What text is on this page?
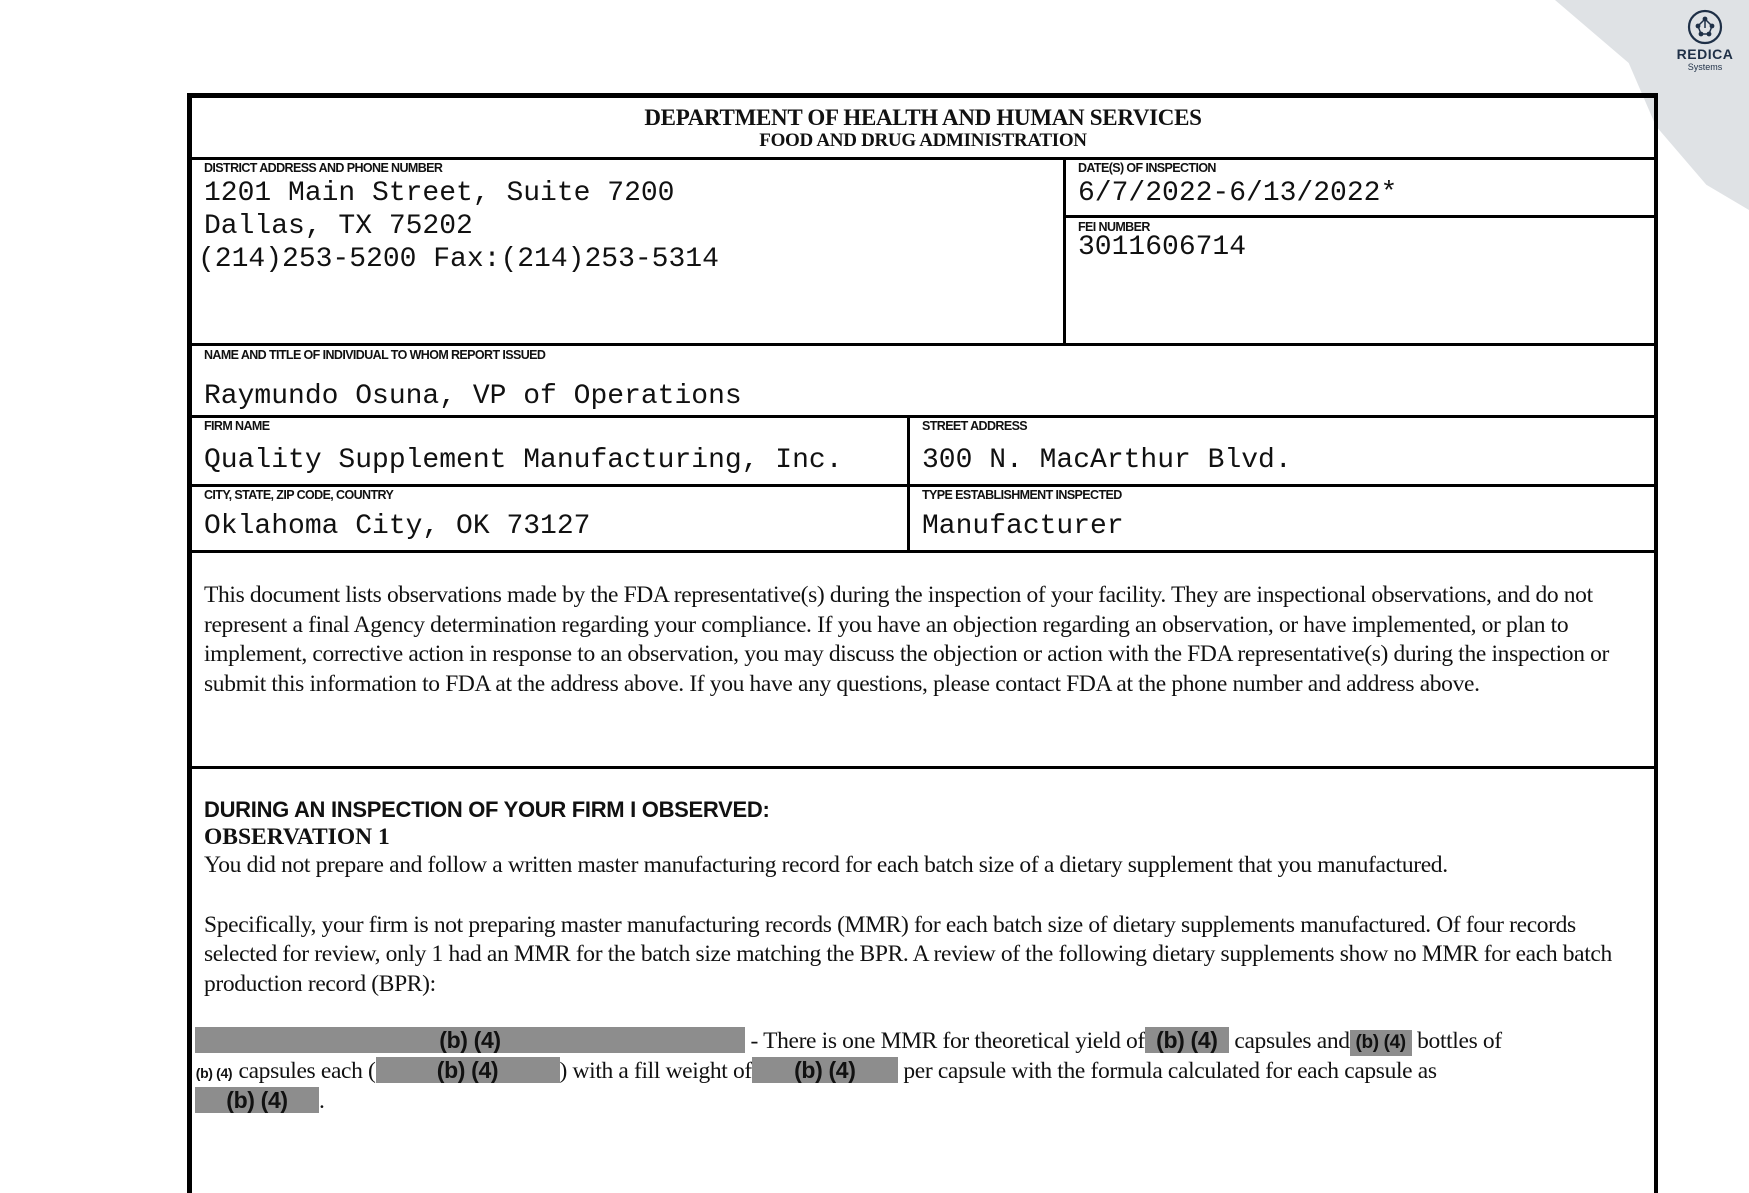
REDICA
Systems
DEPARTMENT OF HEALTH AND HUMAN SERVICES
FOOD AND DRUG ADMINISTRATION
DISTRICT ADDRESS AND PHONE NUMBER
1201 Main Street, Suite 7200
Dallas, TX 75202
(214)253-5200 Fax:(214)253-5314
DATE(S) OF INSPECTION
6/7/2022-6/13/2022*
FEI NUMBER
3011606714
NAME AND TITLE OF INDIVIDUAL TO WHOM REPORT ISSUED
Raymundo Osuna, VP of Operations
FIRM NAME
Quality Supplement Manufacturing, Inc.
STREET ADDRESS
300 N. MacArthur Blvd.
CITY, STATE, ZIP CODE, COUNTRY
Oklahoma City, OK 73127
TYPE ESTABLISHMENT INSPECTED
Manufacturer
This document lists observations made by the FDA representative(s) during the inspection of your facility. They are inspectional observations, and do not represent a final Agency determination regarding your compliance. If you have an objection regarding an observation, or have implemented, or plan to implement, corrective action in response to an observation, you may discuss the objection or action with the FDA representative(s) during the inspection or submit this information to FDA at the address above. If you have any questions, please contact FDA at the phone number and address above.
DURING AN INSPECTION OF YOUR FIRM I OBSERVED:
OBSERVATION 1
You did not prepare and follow a written master manufacturing record for each batch size of a dietary supplement that you manufactured.
Specifically, your firm is not preparing master manufacturing records (MMR) for each batch size of dietary supplements manufactured. Of four records selected for review, only 1 had an MMR for the batch size matching the BPR. A review of the following dietary supplements show no MMR for each batch production record (BPR):
(b) (4)	- There is one MMR for theoretical yield of (b) (4) capsules and (b) (4) bottles of
(b) (4) capsules each (	(b) (4)	) with a fill weight of (b) (4) per capsule with the formula calculated for each capsule as
(b) (4) .
